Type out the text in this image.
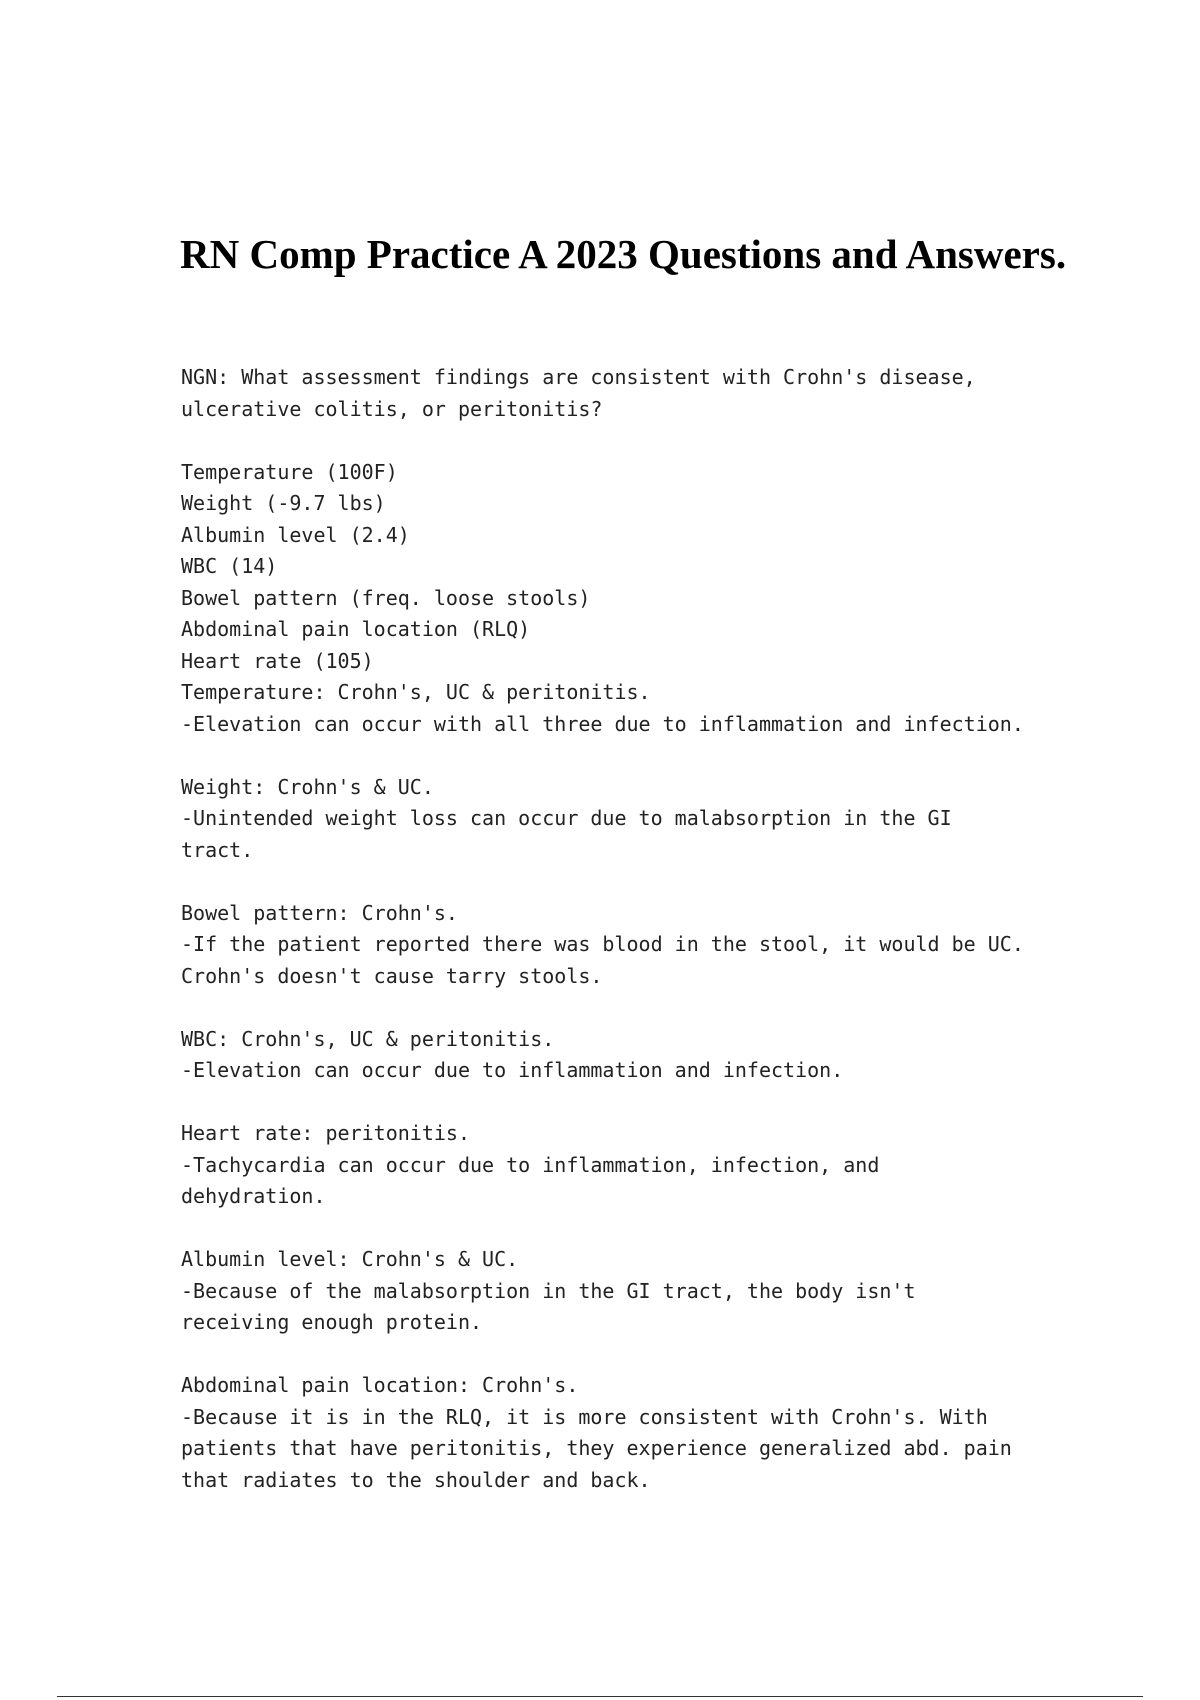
RN Comp Practice A 2023 Questions and Answers.
NGN: What assessment findings are consistent with Crohn's disease,
ulcerative colitis, or peritonitis?
Temperature (100F)
Weight (-9.7 lbs)
Albumin level (2.4)
WBC (14)
Bowel pattern (freq. loose stools)
Abdominal pain location (RLQ)
Heart rate (105)
Temperature: Crohn's, UC & peritonitis.
-Elevation can occur with all three due to inflammation and infection.
Weight: Crohn's & UC.
-Unintended weight loss can occur due to malabsorption in the GI
tract.
Bowel pattern: Crohn's.
-If the patient reported there was blood in the stool, it would be UC.
Crohn's doesn't cause tarry stools.
WBC: Crohn's, UC & peritonitis.
-Elevation can occur due to inflammation and infection.
Heart rate: peritonitis.
-Tachycardia can occur due to inflammation, infection, and
dehydration.
Albumin level: Crohn's & UC.
-Because of the malabsorption in the GI tract, the body isn't
receiving enough protein.
Abdominal pain location: Crohn's.
-Because it is in the RLQ, it is more consistent with Crohn's. With
patients that have peritonitis, they experience generalized abd. pain
that radiates to the shoulder and back.
